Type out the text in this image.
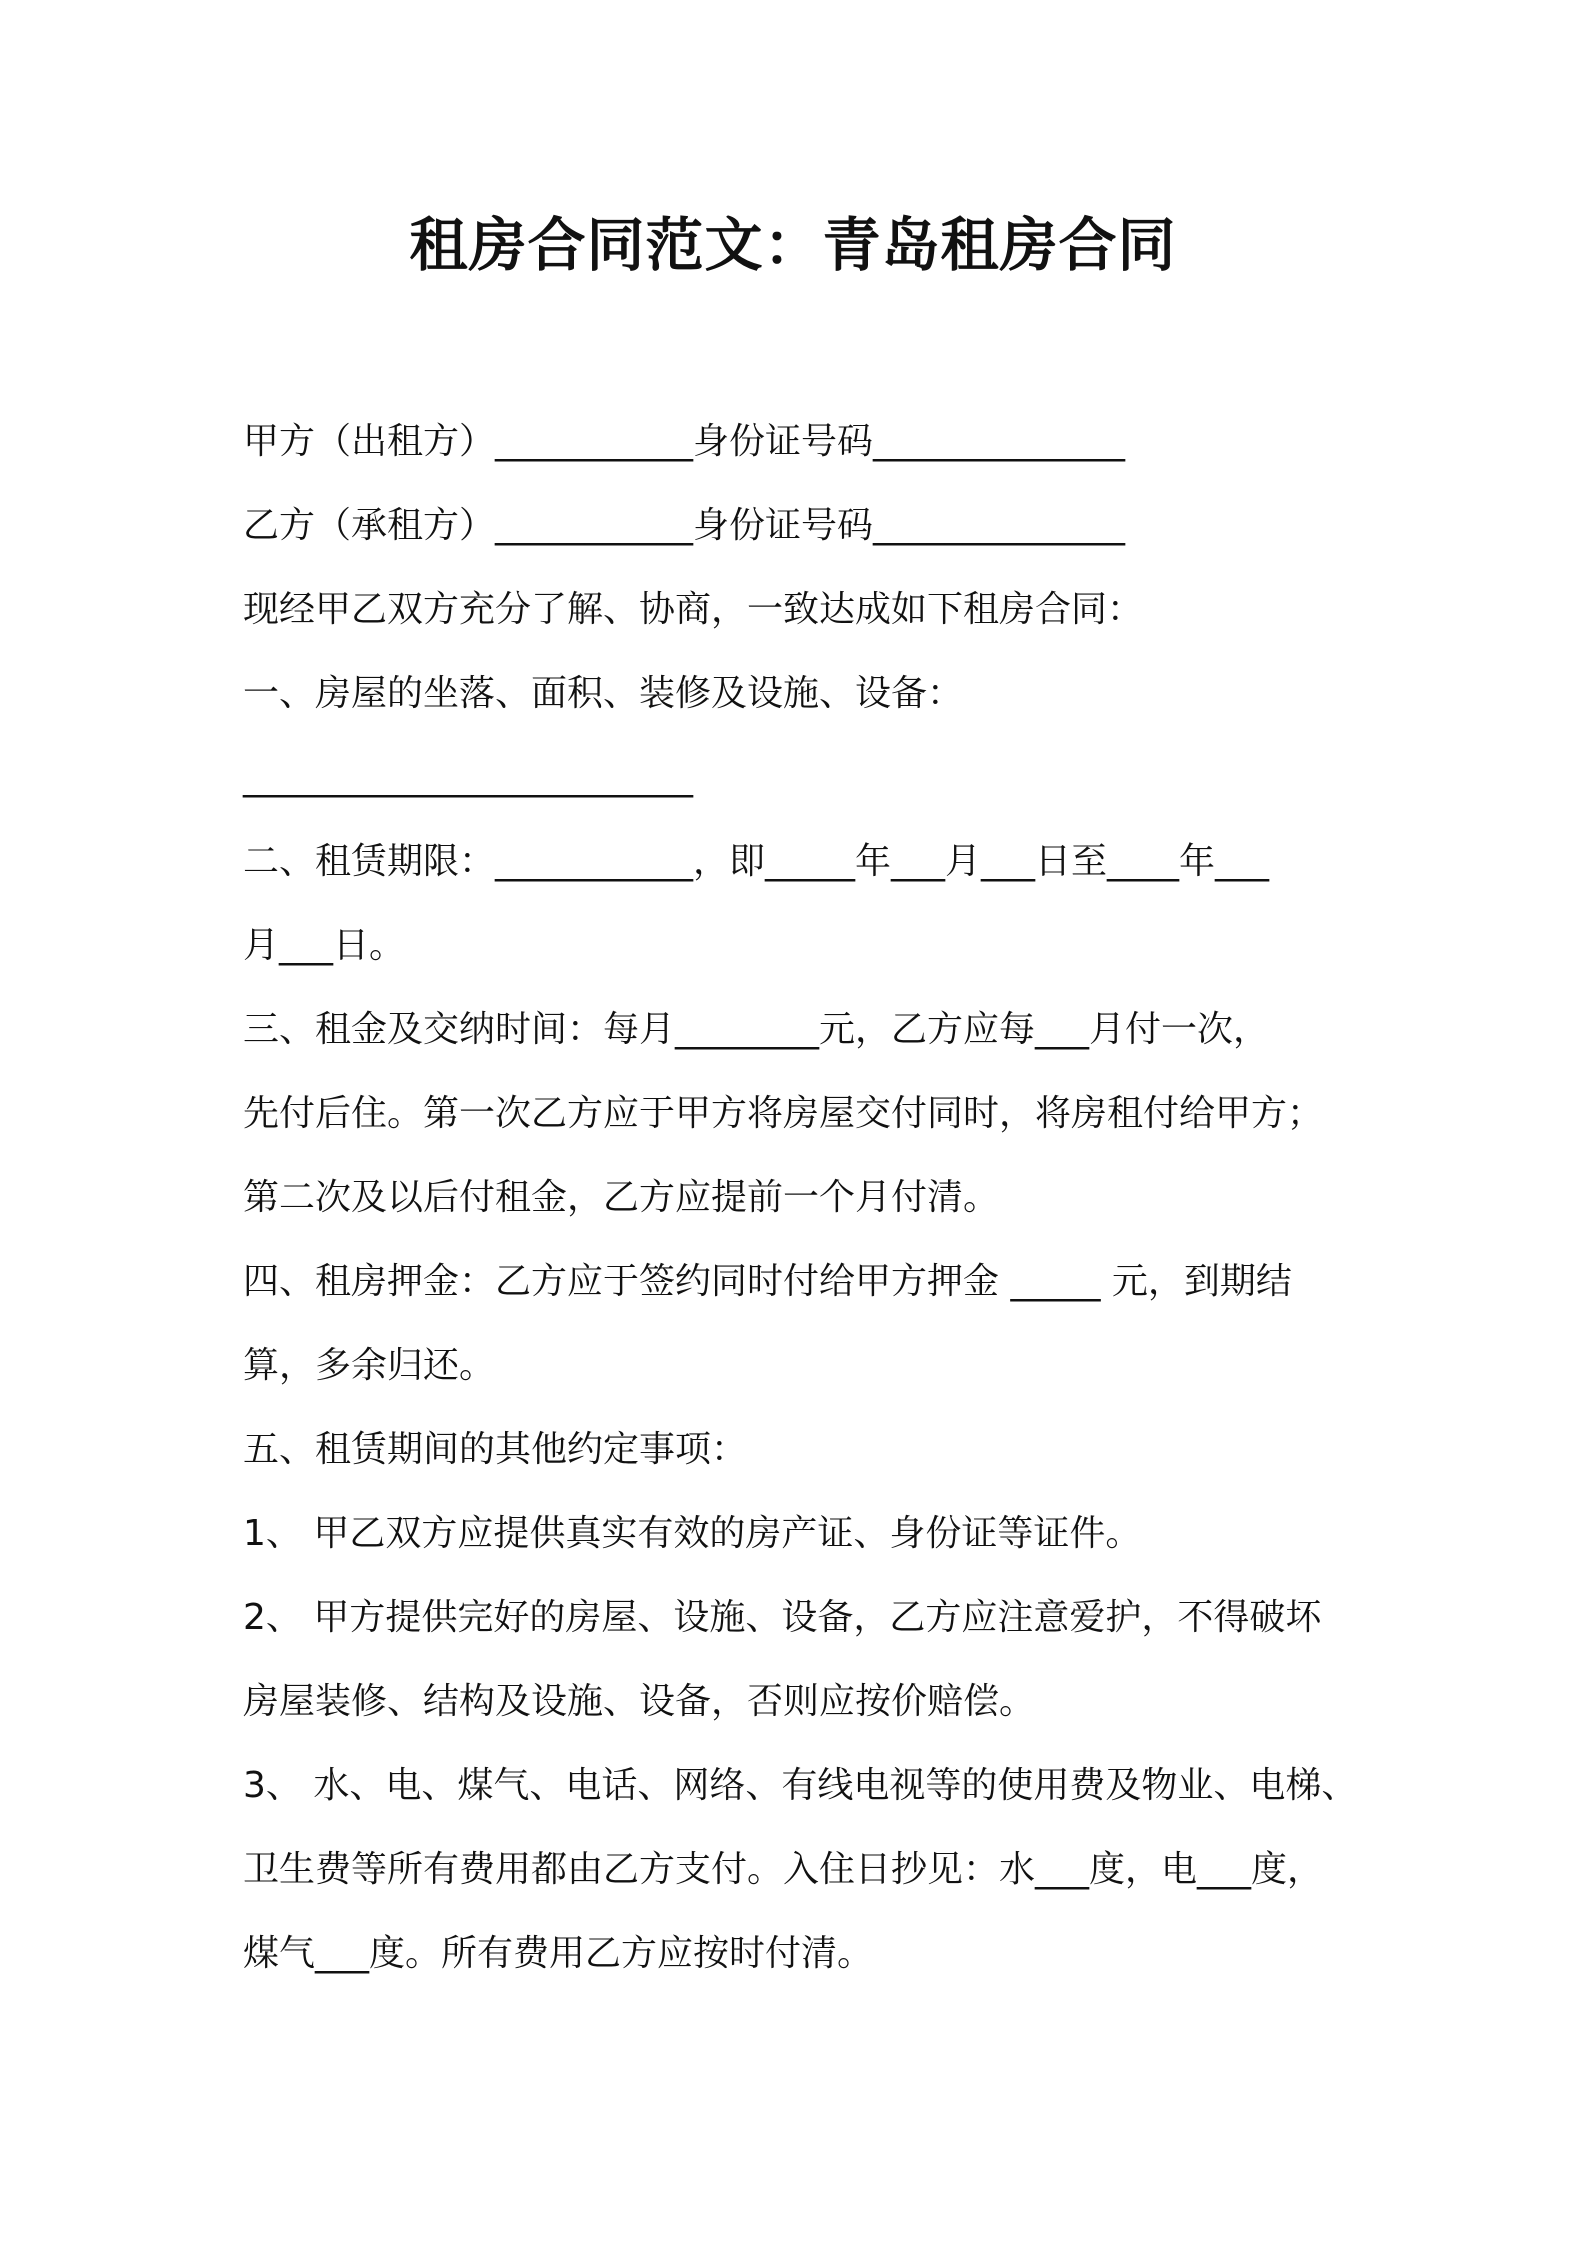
租房合同范文：青岛租房合同
甲方（出租方）___________身份证号码______________
乙方（承租方）___________身份证号码______________
现经甲乙双方充分了解、协商，一致达成如下租房合同：
一、房屋的坐落、面积、装修及设施、设备：
_________________________
二、租赁期限：___________，即_____年___月___日至____年___
月___日。
三、租金及交纳时间：每月________元，乙方应每___月付一次，
先付后住。第一次乙方应于甲方将房屋交付同时，将房租付给甲方；
第二次及以后付租金，乙方应提前一个月付清。
四、租房押金：乙方应于签约同时付给甲方押金 _____ 元，到期结
算，多余归还。
五、租赁期间的其他约定事项：
1、 甲乙双方应提供真实有效的房产证、身份证等证件。
2、 甲方提供完好的房屋、设施、设备，乙方应注意爱护，不得破坏
房屋装修、结构及设施、设备，否则应按价赔偿。
3、 水、电、煤气、电话、网络、有线电视等的使用费及物业、电梯、
卫生费等所有费用都由乙方支付。入住日抄见：水___度，电___度，
煤气___度。所有费用乙方应按时付清。
